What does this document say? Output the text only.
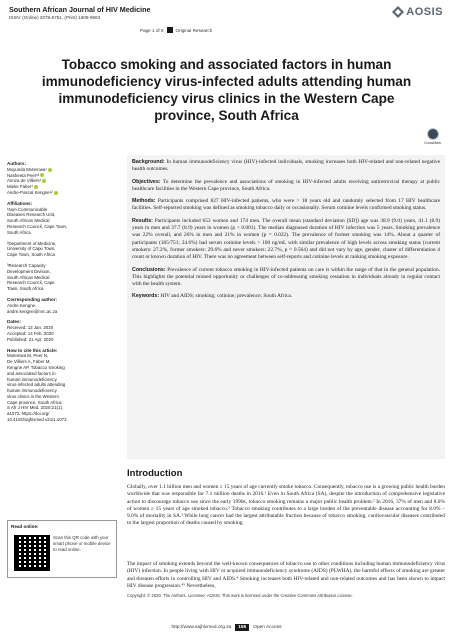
Southern African Journal of HIV Medicine
ISSN: (Online) 2078-6751, (Print) 1608-9693	AOSIS
Page 1 of 8	Original Research
Tobacco smoking and associated factors in human immunodeficiency virus-infected adults attending human immunodeficiency virus clinics in the Western Cape province, South Africa
CrossMark
Authors:
Muyunda Mutemwa¹
Nasheeta Peer¹²
Annza de Villiers¹
Mieke Faber¹
Andre-Pascal Kengne¹²
Affiliations:
¹Non-Communicable
Diseases Research Unit,
South African Medical
Research Council, Cape Town,
South Africa
²Department of Medicine,
University of Cape Town,
Cape Town, South Africa
³Research Capacity
Development Division,
South African Medical
Research Council, Cape
Town, South Africa
Corresponding author:
Andre Kengne,
andre.kengne@mrc.ac.za
Dates:
Received: 13 Jan. 2020
Accepted: 14 Feb. 2020
Published: 21 Apr. 2020
How to cite this article:
Mutemwa M, Peer N,
De Villiers A, Faber M,
Kengne AP. Tobacco smoking
and associated factors in
human immunodeficiency
virus-infected adults attending
human immunodeficiency
virus clinics in the Western
Cape province, South Africa.
S Afr J HIV Med. 2020;21(1),
a1072. https://doi.org/
10.4102/sajhivmed.v21i1.1072

Background: In human immunodeficiency virus (HIV)-infected individuals, smoking increases both HIV-related and non-related negative health outcomes.

Objectives: To determine the prevalence and associations of smoking in HIV-infected adults receiving antiretroviral therapy at public healthcare facilities in the Western Cape province, South Africa.

Methods: Participants comprised 827 HIV-infected patients, who were > 18 years old and randomly selected from 17 HIV healthcare facilities. Self-reported smoking was defined as smoking tobacco daily or occasionally. Serum cotinine levels confirmed smoking status.

Results: Participants included 653 women and 174 men. The overall mean (standard deviation [SD]) age was 38.9 (9.0) years, 41.1 (8.9) years in men and 37.7 (8.9) years in women (p < 0.001). The median diagnosed duration of HIV infection was 5 years. Smoking prevalence was 22% overall, and 26% in men and 21% in women (p = 0.022). The prevalence of former smoking was 14%. About a quarter of participants (185/751; 24.6%) had serum cotinine levels > 100 ng/mL with similar prevalence of high levels across smoking status (current smokers: 27.2%, former smokers: 29.6% and never smokers: 22.7%, p = 0.564) and did not vary by age, gender, cluster of differentiation 4 count or known duration of HIV. There was no agreement between self-reports and cotinine levels at ranking smoking exposure.

Conclusions: Prevalence of current tobacco smoking in HIV-infected patients on care is within the range of that in the general population. This highlights the potential missed opportunity or challenges of co-addressing smoking cessation in individuals already in regular contact with the health system.

Keywords: HIV and AIDS; smoking; cotinine; prevalence; South Africa.

Introduction

Globally, over 1.1 billion men and women ≥ 15 years of age currently smoke tobacco. Consequently, tobacco use is a growing public health burden worldwide that was responsible for 7.1 million deaths in 2016.¹ Even in South Africa (SA), despite the introduction of comprehensive legislative action to discourage tobacco use since the early 1990s, tobacco smoking remains a major public health problem.² In 2016, 37% of men and 8.0% of women ≥ 15 years of age smoked tobacco.³ Tobacco smoking contributes to a large burden of the preventable disease accounting for 8.0% – 9.0% of mortality in SA.³ While lung cancer had the largest attributable fraction because of tobacco smoking, cardiovascular diseases contributed to the largest proportion of deaths caused by smoking.

The impact of smoking extends beyond the well-known consequences of tobacco use to other conditions including human immunodeficiency virus (HIV) infection. In people living with HIV or acquired immunodeficiency syndrome (AIDS) (PLWHA), the harmful effects of smoking are greater and threaten efforts in controlling HIV and AIDS.⁴ Smoking increases both HIV-related and non-related outcomes and has been shown to impact HIV disease progression.⁴⁵ Nevertheless,

Read online:
Scan this QR code with your smart phone or mobile device to read online.
Copyright: © 2020. The Authors. Licensee: AOSIS. This work is licensed under the Creative Commons Attribution License.
http://www.sajhivmed.org.za	155	Open Access
